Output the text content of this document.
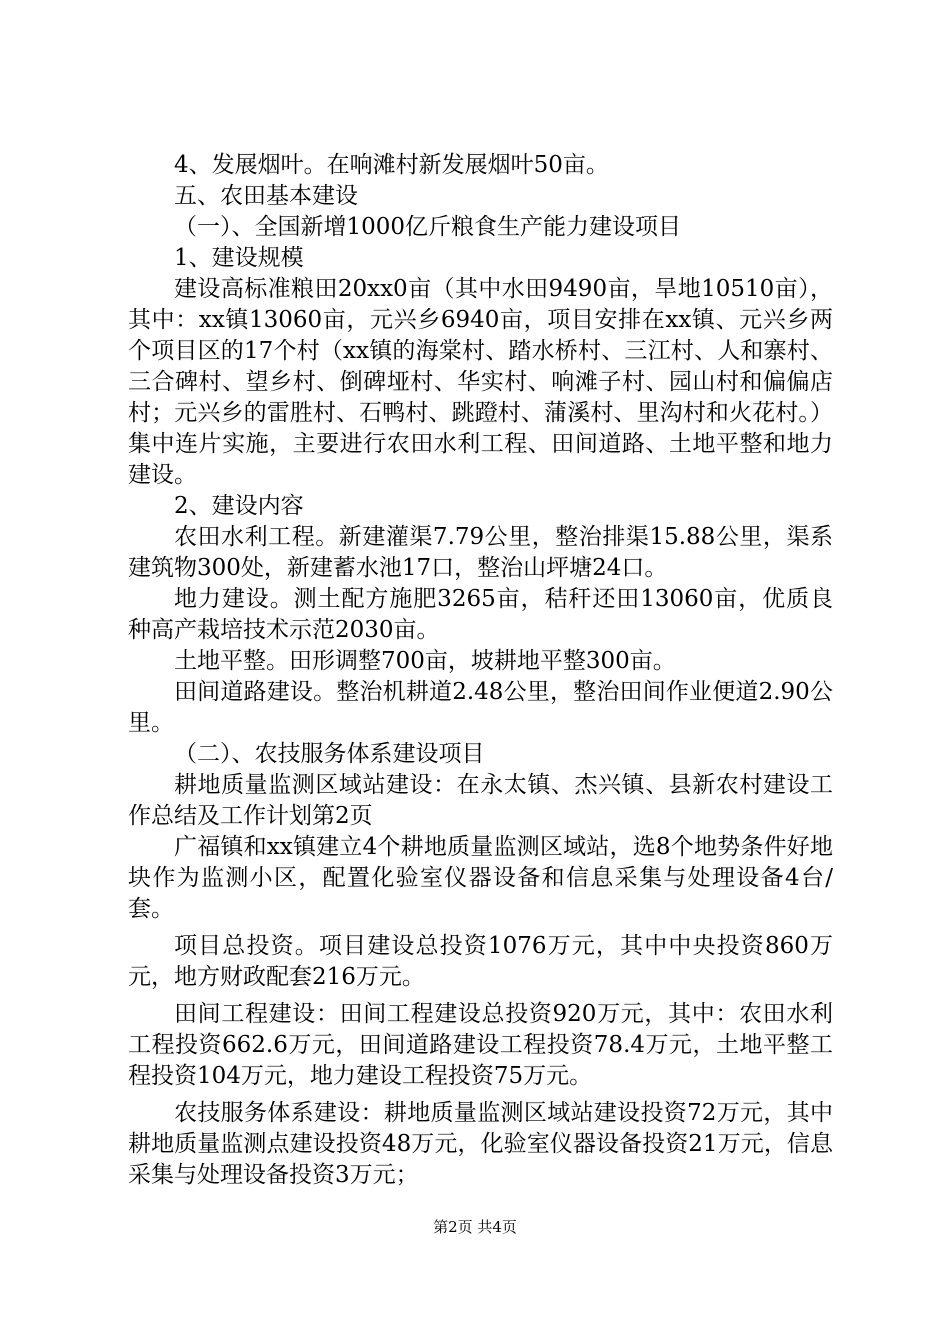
4、发展烟叶。在响滩村新发展烟叶50亩。

五、农田基本建设

（一）、全国新增1000亿斤粮食生产能力建设项目

1、建设规模

建设高标准粮田20xx0亩（其中水田9490亩，旱地10510亩），其中：xx镇13060亩，元兴乡6940亩，项目安排在xx镇、元兴乡两个项目区的17个村（xx镇的海棠村、踏水桥村、三江村、人和寨村、三合碑村、望乡村、倒碑垭村、华实村、响滩子村、园山村和偏偏店村；元兴乡的雷胜村、石鸭村、跳蹬村、蒲溪村、里沟村和火花村。）集中连片实施，主要进行农田水利工程、田间道路、土地平整和地力建设。

2、建设内容

农田水利工程。新建灌渠7.79公里，整治排渠15.88公里，渠系建筑物300处，新建蓄水池17口，整治山坪塘24口。

地力建设。测土配方施肥3265亩，秸秆还田13060亩，优质良种高产栽培技术示范2030亩。

土地平整。田形调整700亩，坡耕地平整300亩。

田间道路建设。整治机耕道2.48公里，整治田间作业便道2.90公里。

（二）、农技服务体系建设项目

耕地质量监测区域站建设：在永太镇、杰兴镇、县新农村建设工作总结及工作计划第2页

广福镇和xx镇建立4个耕地质量监测区域站，选8个地势条件好地块作为监测小区，配置化验室仪器设备和信息采集与处理设备4台/套。

项目总投资。项目建设总投资1076万元，其中中央投资860万元，地方财政配套216万元。

田间工程建设：田间工程建设总投资920万元，其中：农田水利工程投资662.6万元，田间道路建设工程投资78.4万元，土地平整工程投资104万元，地力建设工程投资75万元。

农技服务体系建设：耕地质量监测区域站建设投资72万元，其中耕地质量监测点建设投资48万元，化验室仪器设备投资21万元，信息采集与处理设备投资3万元；

第2页 共4页
